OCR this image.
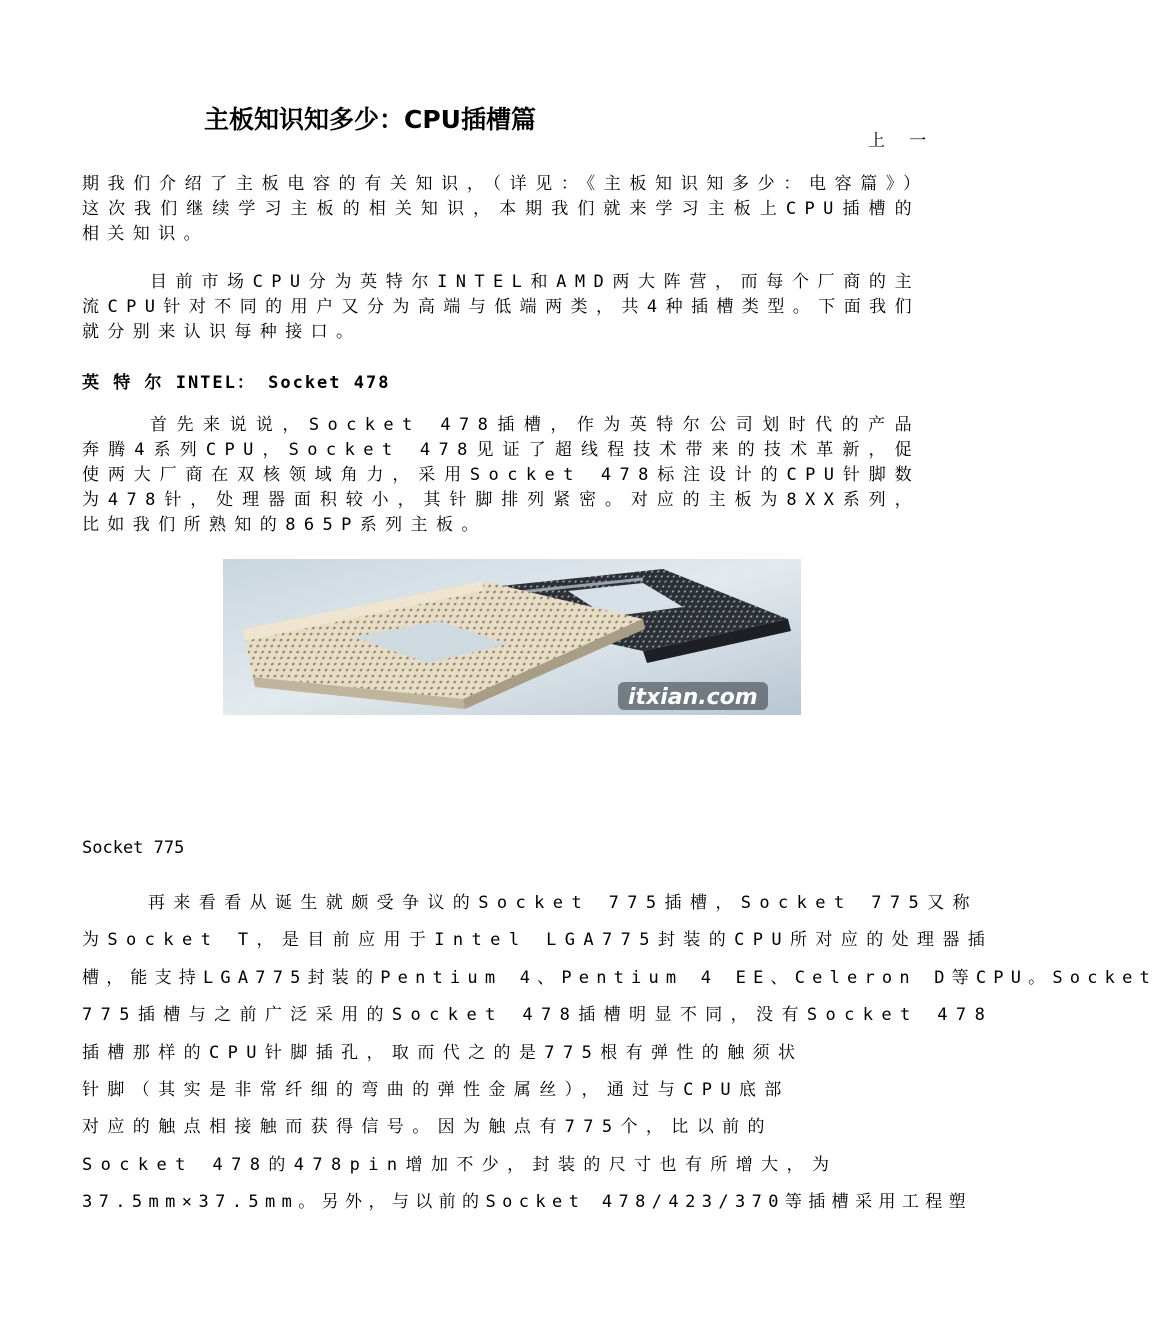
主板知识知多少：CPU插槽篇
上 一

期我们介绍了主板电容的有关知识，（详见：《主板知识知多少：电容篇》）这次我们继续学习主板的相关知识，本期我们就来学习主板上CPU插槽的相关知识。

目前市场CPU分为英特尔INTEL和AMD两大阵营，而每个厂商的主流CPU针对不同的用户又分为高端与低端两类，共4种插槽类型。下面我们就分别来认识每种接口。

英 特 尔 INTEL： Socket 478

首先来说说，Socket 478插槽，作为英特尔公司划时代的产品奔腾4系列CPU，Socket 478见证了超线程技术带来的技术革新，促使两大厂商在双核领域角力，采用Socket 478标注设计的CPU针脚数为478针，处理器面积较小，其针脚排列紧密。对应的主板为8XX系列，比如我们所熟知的865P系列主板。

itxian.com
Socket 775
再来看看从诞生就颇受争议的Socket 775插槽，Socket 775又称
为Socket T，是目前应用于Intel LGA775封装的CPU所对应的处理器插
槽，能支持LGA775封装的Pentium 4、Pentium 4 EE、Celeron D等CPU。Socket
775插槽与之前广泛采用的Socket 478插槽明显不同，没有Socket 478
插槽那样的CPU针脚插孔，取而代之的是775根有弹性的触须状
针脚（其实是非常纤细的弯曲的弹性金属丝），通过与CPU底部
对应的触点相接触而获得信号。因为触点有775个，比以前的
Socket 478的478pin增加不少，封装的尺寸也有所增大，为
37.5mm×37.5mm。另外，与以前的Socket 478/423/370等插槽采用工程塑
